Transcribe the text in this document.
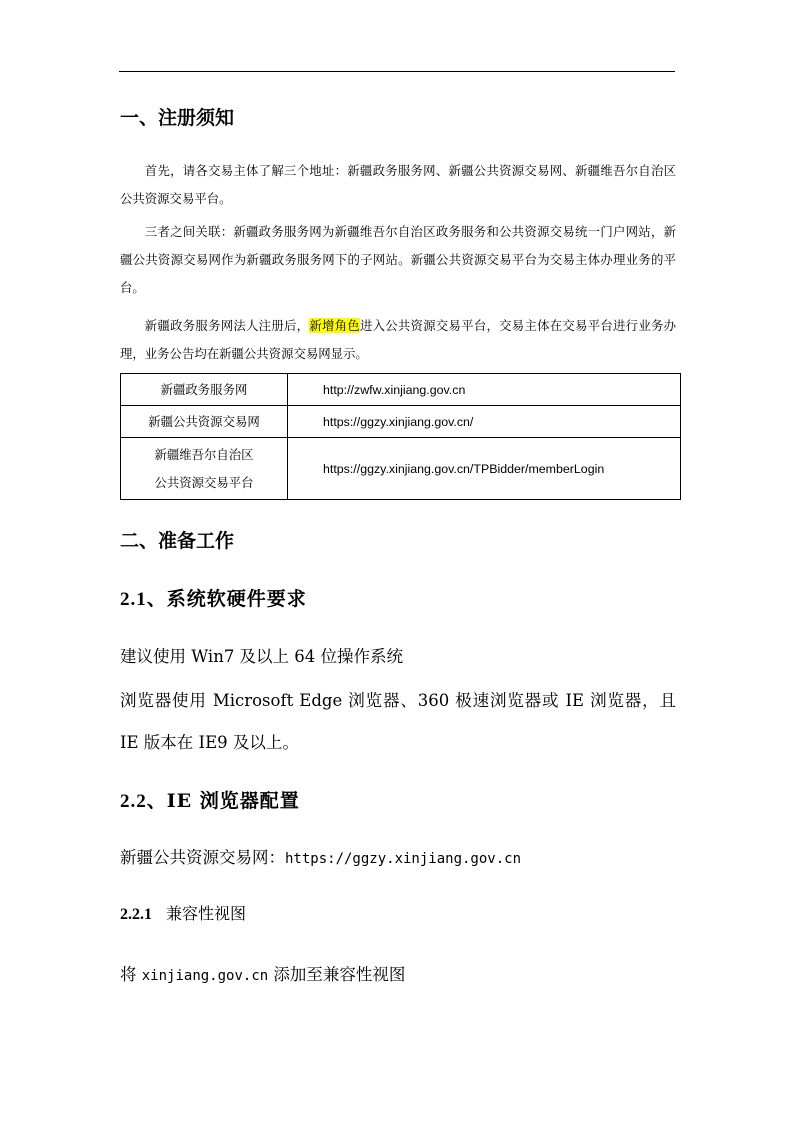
一、注册须知
首先，请各交易主体了解三个地址：新疆政务服务网、新疆公共资源交易网、新疆维吾尔自治区公共资源交易平台。
三者之间关联：新疆政务服务网为新疆维吾尔自治区政务服务和公共资源交易统一门户网站，新疆公共资源交易网作为新疆政务服务网下的子网站。新疆公共资源交易平台为交易主体办理业务的平台。
新疆政务服务网法人注册后，新增角色进入公共资源交易平台，交易主体在交易平台进行业务办理，业务公告均在新疆公共资源交易网显示。
新疆政务服务网	http://zwfw.xinjiang.gov.cn
新疆公共资源交易网	https://ggzy.xinjiang.gov.cn/

新疆维吾尔自治区
公共资源交易平台	https://ggzy.xinjiang.gov.cn/TPBidder/memberLogin
二、准备工作
2.1、系统软硬件要求
建议使用 Win7 及以上 64 位操作系统
浏览器使用 Microsoft Edge 浏览器、360 极速浏览器或 IE 浏览器，且 IE 版本在 IE9 及以上。
2.2、IE 浏览器配置
新疆公共资源交易网：https://ggzy.xinjiang.gov.cn
2.2.1 兼容性视图
将 xinjiang.gov.cn 添加至兼容性视图
